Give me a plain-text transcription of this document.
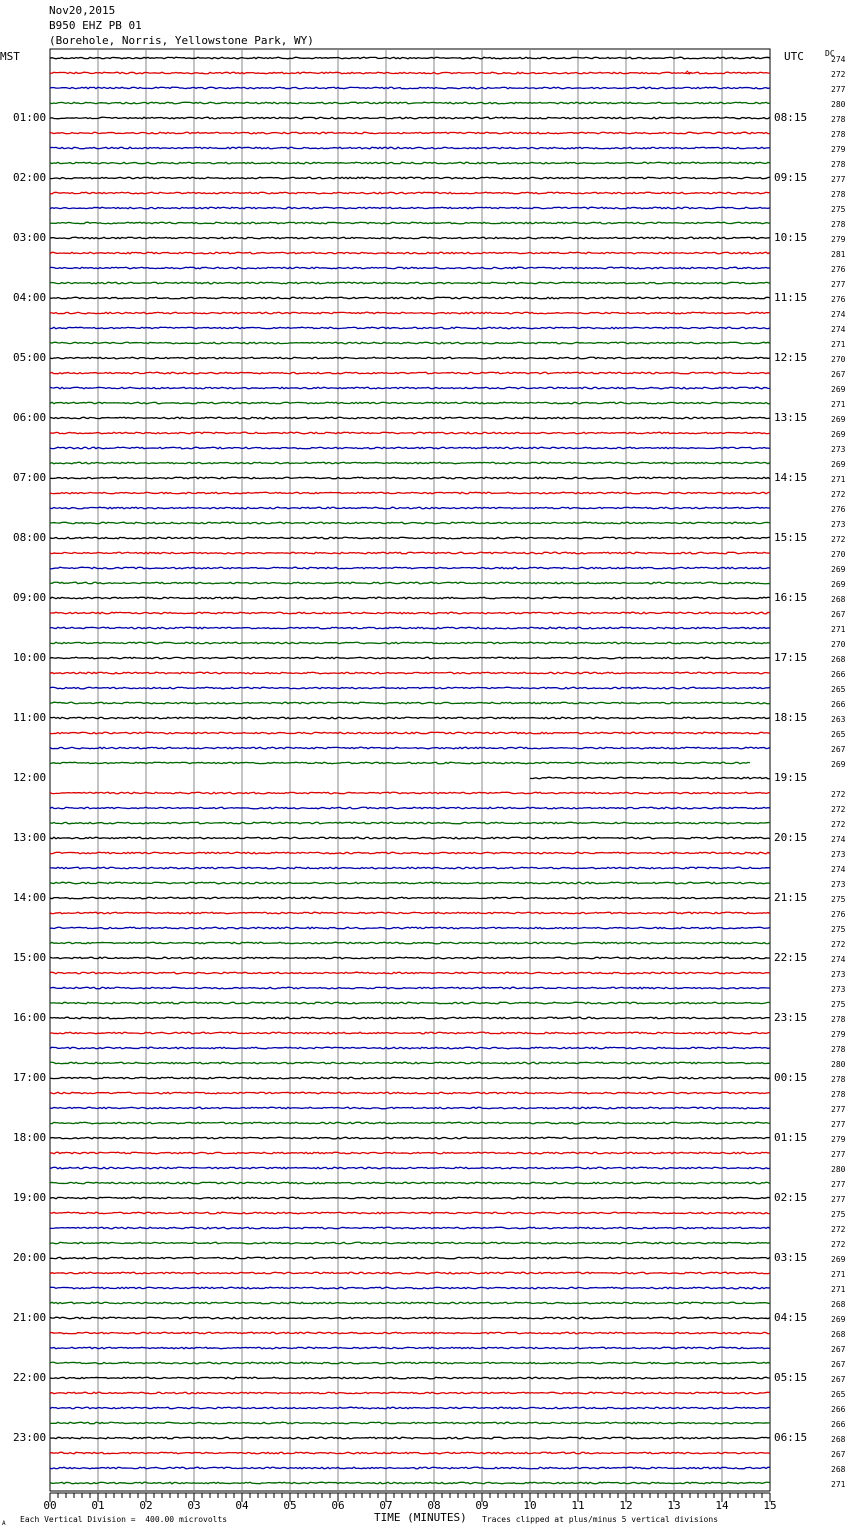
Nov20,2015
B950 EHZ PB 01
(Borehole, Norris, Yellowstone Park, WY)
MST	UTC	DC
00	01	02	03	04	05	06	07	08	09	10	11	12	13	14	15
01:00
02:00
03:00
04:00
05:00
06:00
07:00
08:00
09:00
10:00
11:00
12:00
13:00
14:00
15:00
16:00
17:00
18:00
19:00
20:00
21:00
22:00
23:00
08:15
09:15
10:15
11:15
12:15
13:15
14:15
15:15
16:15
17:15
18:15
19:15
20:15
21:15
22:15
23:15
00:15
01:15
02:15
03:15
04:15
05:15
06:15
274
272
277
280
278
278
279
278
277
278
275
278
279
281
276
277
276
274
274
271
270
267
269
271
269
269
273
269
271
272
276
273
272
270
269
269
268
267
271
270
268
266
265
266
263
265
267
269
272
272
272
274
273
274
273
275
276
275
272
274
273
273
275
278
279
278
280
278
278
277
277
279
277
280
277
277
275
272
272
269
271
271
268
269
268
267
267
267
265
266
266
268
267
268
271
A Each Vertical Division =  400.00 microvolts	TIME (MINUTES) Traces clipped at plus/minus 5 vertical divisions
